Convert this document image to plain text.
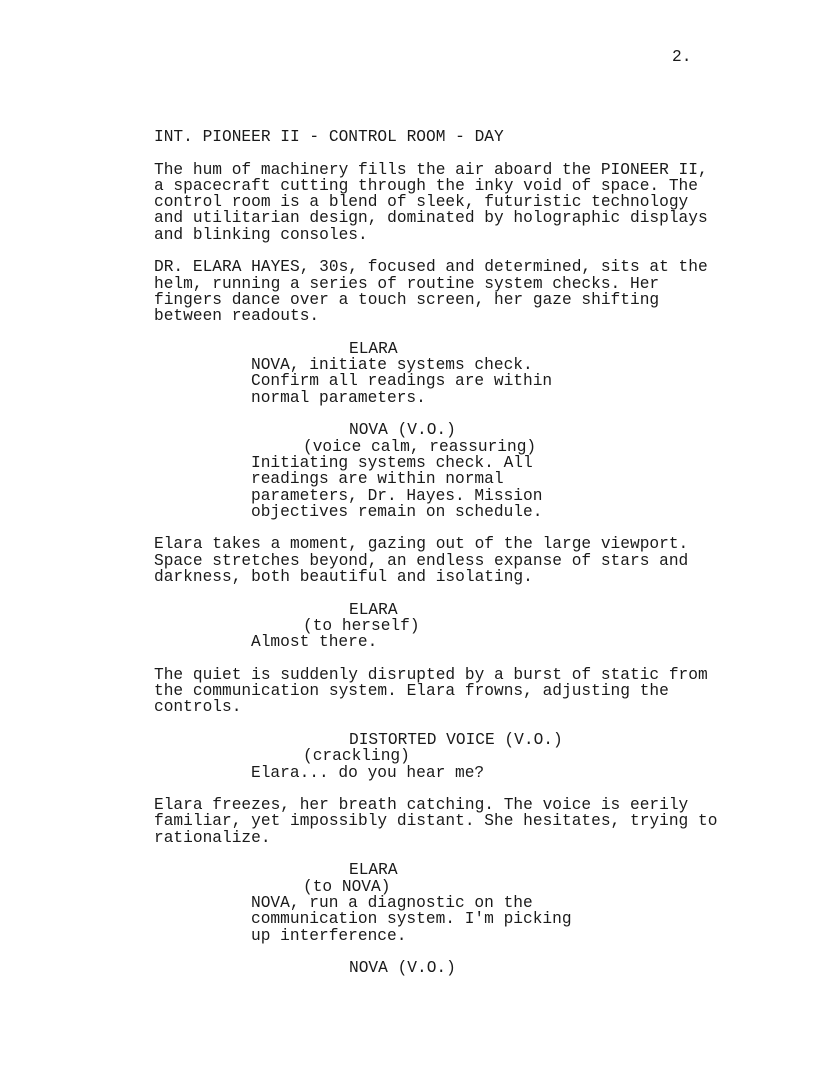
2.

INT. PIONEER II - CONTROL ROOM - DAY
The hum of machinery fills the air aboard the PIONEER II,
a spacecraft cutting through the inky void of space. The
control room is a blend of sleek, futuristic technology
and utilitarian design, dominated by holographic displays
and blinking consoles.
DR. ELARA HAYES, 30s, focused and determined, sits at the
helm, running a series of routine system checks. Her
fingers dance over a touch screen, her gaze shifting
between readouts.
ELARA
NOVA, initiate systems check.
Confirm all readings are within
normal parameters.
NOVA (V.O.)
(voice calm, reassuring)
Initiating systems check. All
readings are within normal
parameters, Dr. Hayes. Mission
objectives remain on schedule.
Elara takes a moment, gazing out of the large viewport.
Space stretches beyond, an endless expanse of stars and
darkness, both beautiful and isolating.
ELARA
(to herself)
Almost there.
The quiet is suddenly disrupted by a burst of static from
the communication system. Elara frowns, adjusting the
controls.
DISTORTED VOICE (V.O.)
(crackling)
Elara... do you hear me?
Elara freezes, her breath catching. The voice is eerily
familiar, yet impossibly distant. She hesitates, trying to
rationalize.
ELARA
(to NOVA)
NOVA, run a diagnostic on the
communication system. I'm picking
up interference.
NOVA (V.O.)
